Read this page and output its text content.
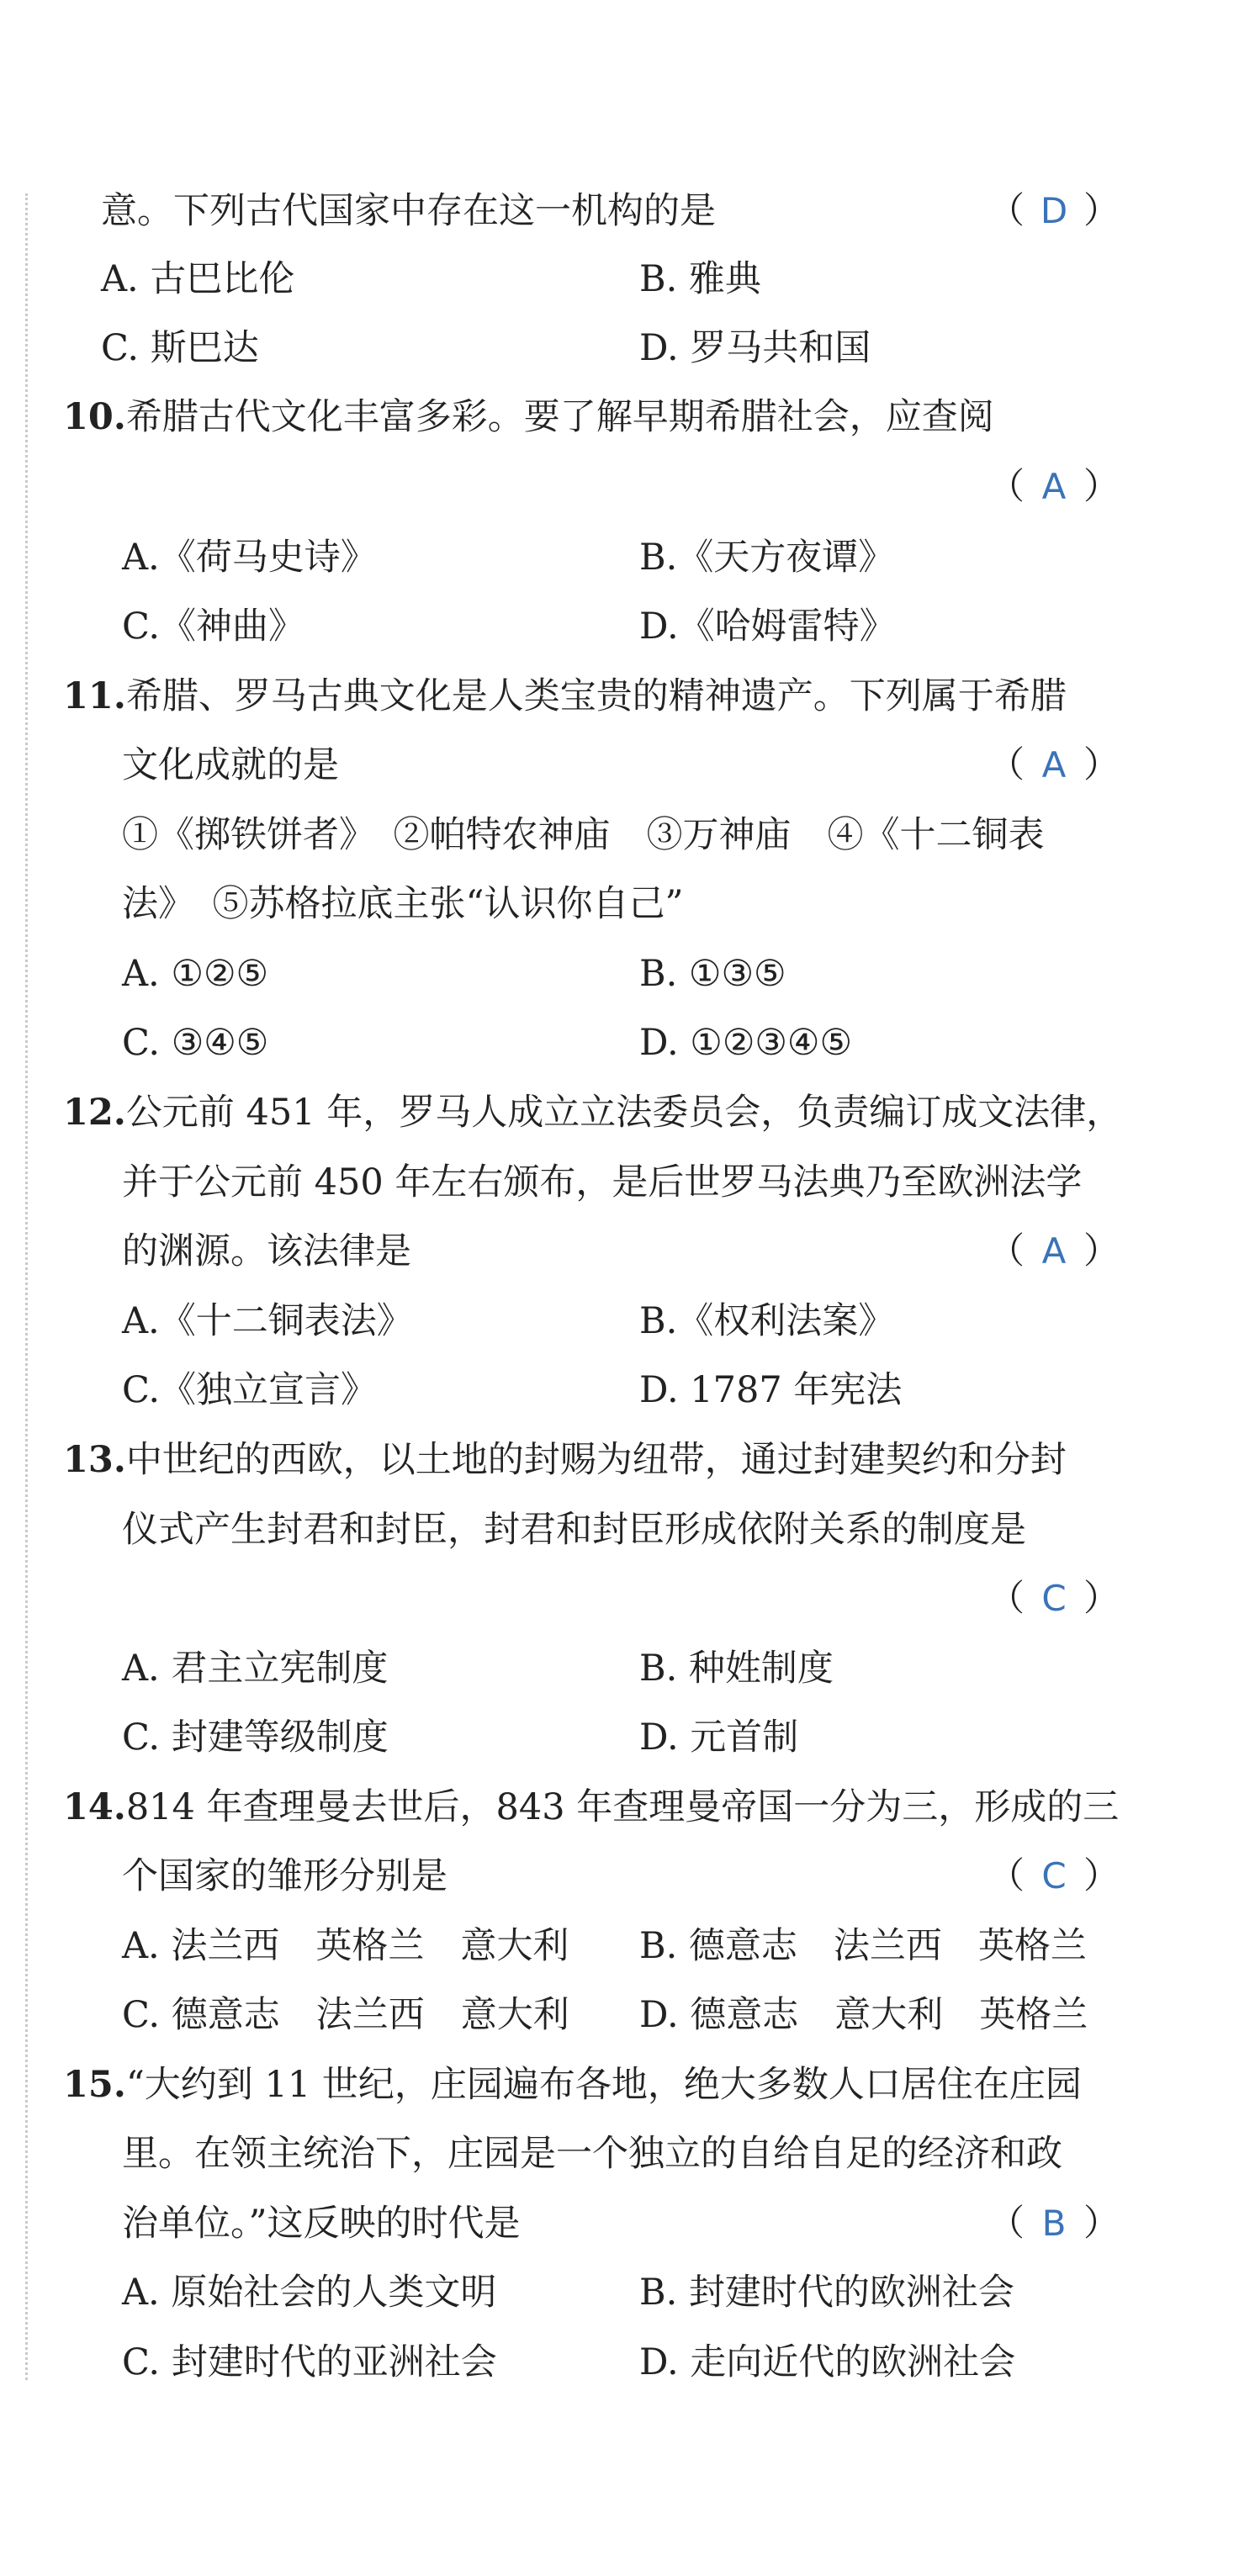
意。下列古代国家中存在这一机构的是	（ D ）
A. 古巴比伦	B. 雅典
C. 斯巴达	D. 罗马共和国
10.希腊古代文化丰富多彩。要了解早期希腊社会，应查阅
（ A ）
A.《荷马史诗》	B.《天方夜谭》
C.《神曲》	D.《哈姆雷特》
11.希腊、罗马古典文化是人类宝贵的精神遗产。下列属于希腊
文化成就的是	（ A ）
①《掷铁饼者》　②帕特农神庙　③万神庙　④《十二铜表
法》　⑤苏格拉底主张“认识你自己”
A. ①②⑤	B. ①③⑤
C. ③④⑤	D. ①②③④⑤
12.公元前 451 年，罗马人成立立法委员会，负责编订成文法律，
并于公元前 450 年左右颁布，是后世罗马法典乃至欧洲法学
的渊源。该法律是	（ A ）
A.《十二铜表法》	B.《权利法案》
C.《独立宣言》	D. 1787 年宪法
13.中世纪的西欧，以土地的封赐为纽带，通过封建契约和分封
仪式产生封君和封臣，封君和封臣形成依附关系的制度是
（ C ）
A. 君主立宪制度	B. 种姓制度
C. 封建等级制度	D. 元首制
14.814 年查理曼去世后，843 年查理曼帝国一分为三，形成的三
个国家的雏形分别是	（ C ）
A. 法兰西　英格兰　意大利 B. 德意志　法兰西　英格兰
C. 德意志　法兰西　意大利 D. 德意志　意大利　英格兰
15.“大约到 11 世纪，庄园遍布各地，绝大多数人口居住在庄园
里。在领主统治下，庄园是一个独立的自给自足的经济和政
治单位。”这反映的时代是	（ B ）
A. 原始社会的人类文明	B. 封建时代的欧洲社会
C. 封建时代的亚洲社会	D. 走向近代的欧洲社会
